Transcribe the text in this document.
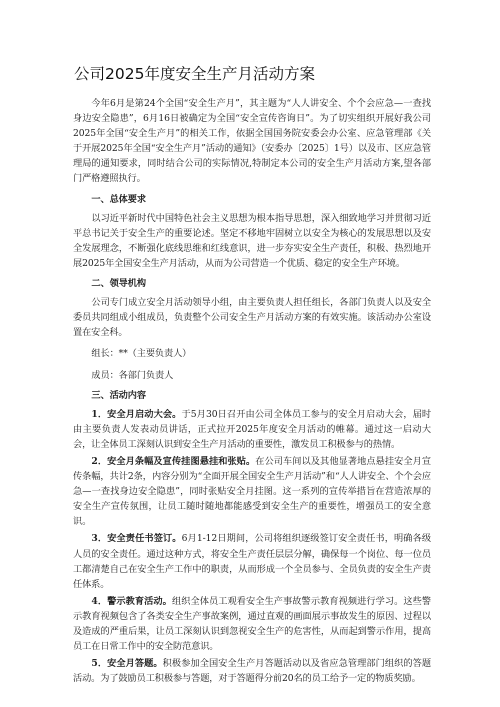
公司2025年度安全生产月活动方案

今年6月是第24个全国“安全生产月”，其主题为“人人讲安全、个个会应急—一查找身边安全隐患”，6月16日被确定为全国“安全宣传咨询日”。为了切实组织开展好我公司2025年全国“安全生产月”的相关工作，依据全国国务院安委会办公室、应急管理部《关于开展2025年全国“安全生产月”活动的通知》（安委办〔2025〕1号）以及市、区应急管理局的通知要求，同时结合公司的实际情况,特制定本公司的安全生产月活动方案,望各部门严格遵照执行。

一、总体要求

以习近平新时代中国特色社会主义思想为根本指导思想，深入细致地学习并贯彻习近平总书记关于安全生产的重要论述。坚定不移地牢固树立以安全为核心的发展思想以及安全发展理念，不断强化底线思维和红线意识，进一步夯实安全生产责任，积极、热烈地开展2025年全国安全生产月活动，从而为公司营造一个优质、稳定的安全生产环境。

二、领导机构

公司专门成立安全月活动领导小组，由主要负责人担任组长，各部门负责人以及安全委员共同组成小组成员，负责整个公司安全生产月活动方案的有效实施。该活动办公室设置在安全科。

组长：**（主要负责人）

成员：各部门负责人

三、活动内容

1．安全月启动大会。于5月30日召开由公司全体员工参与的安全月启动大会，届时由主要负责人发表动员讲话，正式拉开2025年度安全月活动的帷幕。通过这一启动大会，让全体员工深刻认识到安全生产月活动的重要性，激发员工积极参与的热情。

2．安全月条幅及宣传挂图悬挂和张贴。在公司车间以及其他显著地点悬挂安全月宣传条幅，共计2条，内容分别为“全面开展全国安全生产月活动”和“人人讲安全、个个会应急—一查找身边安全隐患”，同时张贴安全月挂图。这一系列的宣传举措旨在营造浓厚的安全生产宣传氛围，让员工随时随地都能感受到安全生产的重要性，增强员工的安全意识。

3．安全责任书签订。6月1-12日期间，公司将组织逐级签订安全责任书，明确各级人员的安全责任。通过这种方式，将安全生产责任层层分解，确保每一个岗位、每一位员工都清楚自己在安全生产工作中的职责，从而形成一个全员参与、全员负责的安全生产责任体系。

4．警示教育活动。组织全体员工观看安全生产事故警示教育视频进行学习。这些警示教育视频包含了各类安全生产事故案例，通过直观的画面展示事故发生的原因、过程以及造成的严重后果，让员工深刻认识到忽视安全生产的危害性，从而起到警示作用，提高员工在日常工作中的安全防范意识。

5．安全月答题。积极参加全国安全生产月答题活动以及省应急管理部门组织的答题活动。为了鼓励员工积极参与答题，对于答题得分前20名的员工给予一定的物质奖励。
